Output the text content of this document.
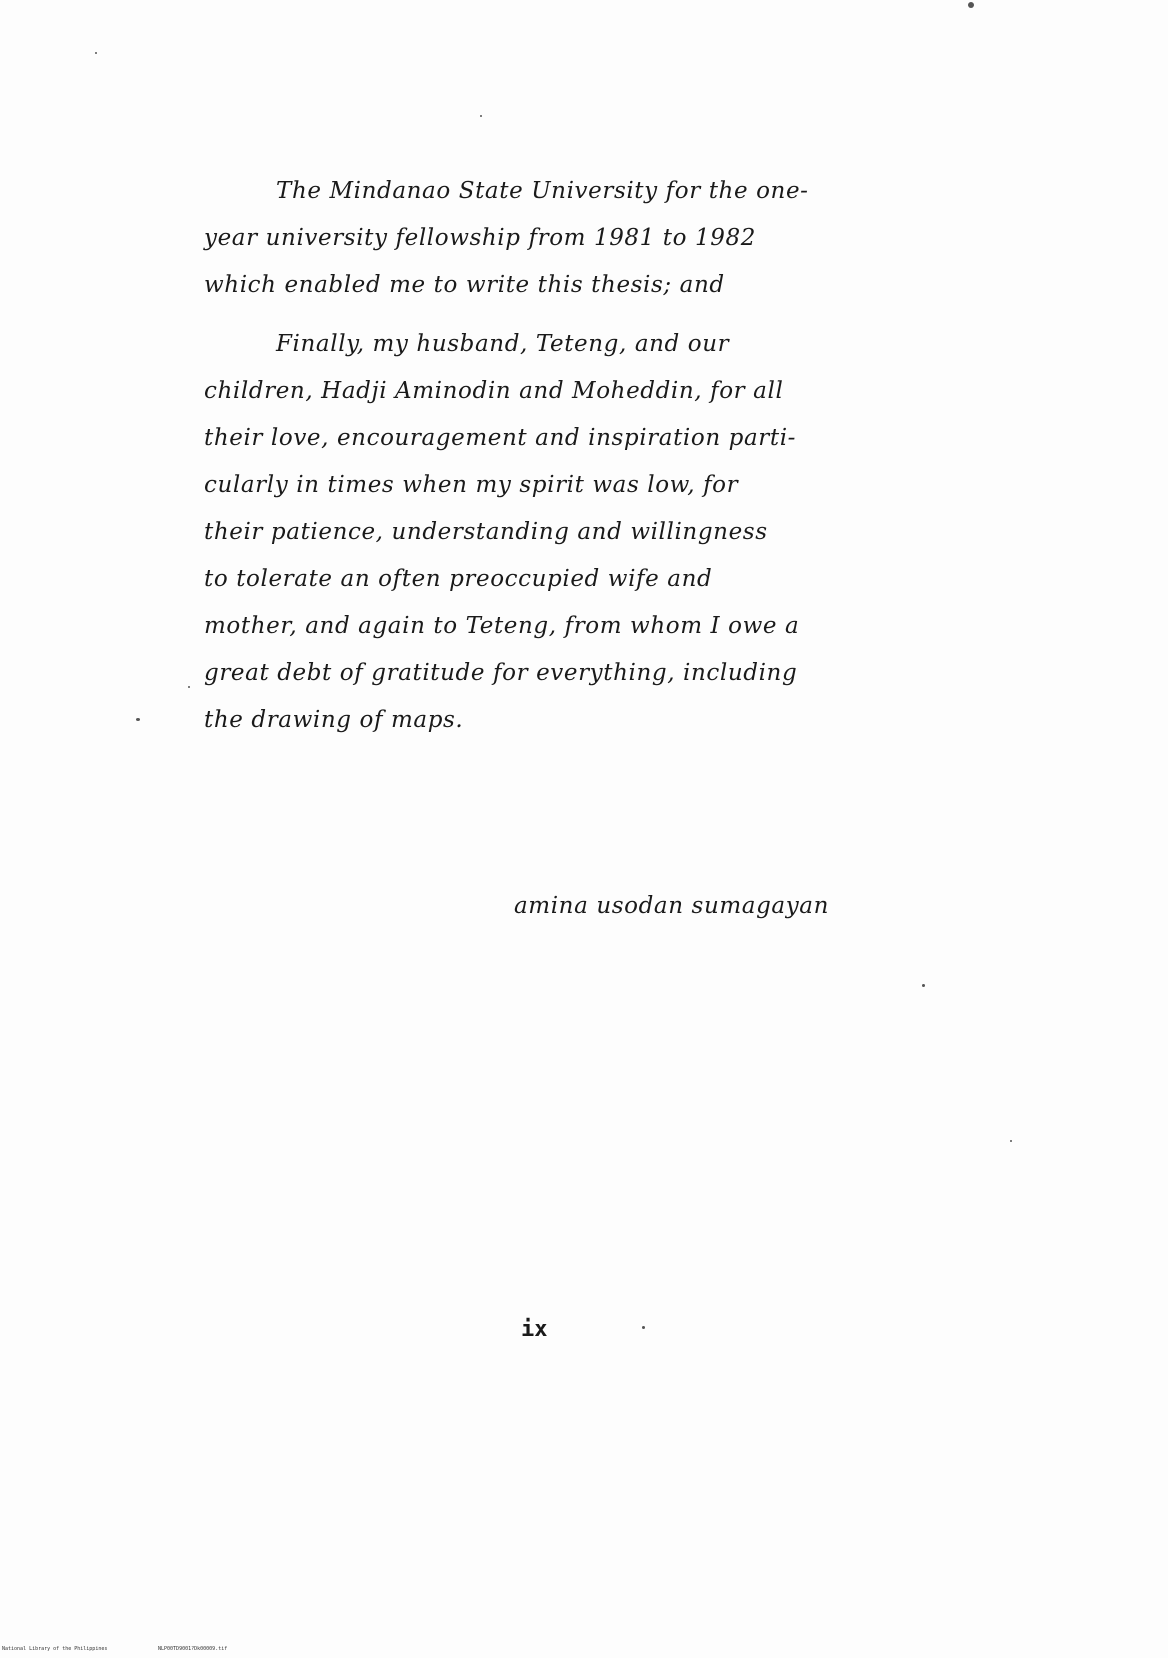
The Mindanao State University for the one-
year university fellowship from 1981 to 1982
which enabled me to write this thesis; and
Finally, my husband, Teteng, and our
children, Hadji Aminodin and Moheddin, for all
their love, encouragement and inspiration parti-
cularly in times when my spirit was low, for
their patience, understanding and willingness
to tolerate an often preoccupied wife and
mother, and again to Teteng, from whom I owe a
great debt of gratitude for everything, including
the drawing of maps.
amina usodan sumagayan
ix
National Library of the Philippines	NLP00TD9001?Dk00009.tif
